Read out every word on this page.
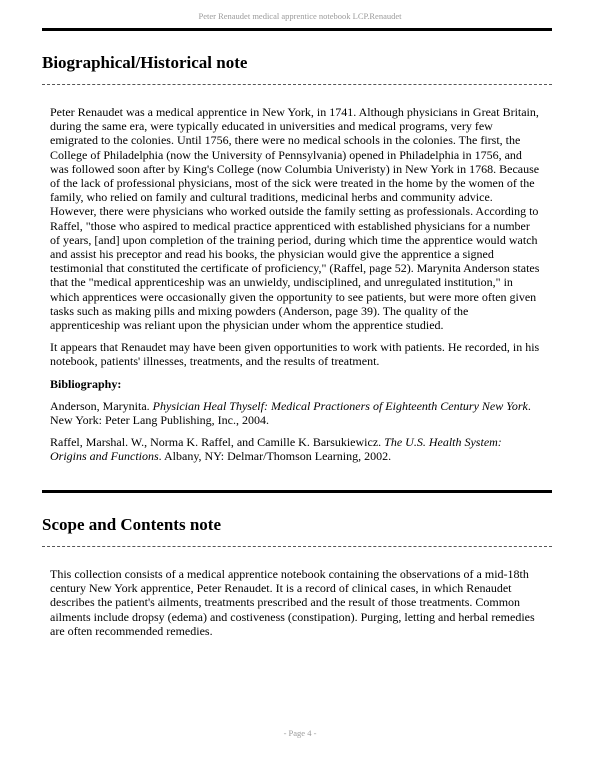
Peter Renaudet medical apprentice notebook LCP.Renaudet
Biographical/Historical note

Peter Renaudet was a medical apprentice in New York, in 1741. Although physicians in Great Britain, during the same era, were typically educated in universities and medical programs, very few emigrated to the colonies. Until 1756, there were no medical schools in the colonies. The first, the College of Philadelphia (now the University of Pennsylvania) opened in Philadelphia in 1756, and was followed soon after by King's College (now Columbia Univeristy) in New York in 1768. Because of the lack of professional physicians, most of the sick were treated in the home by the women of the family, who relied on family and cultural traditions, medicinal herbs and community advice. However, there were physicians who worked outside the family setting as professionals. According to Raffel, "those who aspired to medical practice apprenticed with established physicians for a number of years, [and] upon completion of the training period, during which time the apprentice would watch and assist his preceptor and read his books, the physician would give the apprentice a signed testimonial that constituted the certificate of proficiency," (Raffel, page 52). Marynita Anderson states that the "medical apprenticeship was an unwieldy, undisciplined, and unregulated institution," in which apprentices were occasionally given the opportunity to see patients, but were more often given tasks such as making pills and mixing powders (Anderson, page 39). The quality of the apprenticeship was reliant upon the physician under whom the apprentice studied.

It appears that Renaudet may have been given opportunities to work with patients. He recorded, in his notebook, patients' illnesses, treatments, and the results of treatment.

Bibliography:

Anderson, Marynita. Physician Heal Thyself: Medical Practioners of Eighteenth Century New York. New York: Peter Lang Publishing, Inc., 2004.

Raffel, Marshal. W., Norma K. Raffel, and Camille K. Barsukiewicz. The U.S. Health System: Origins and Functions. Albany, NY: Delmar/Thomson Learning, 2002.

Scope and Contents note

This collection consists of a medical apprentice notebook containing the observations of a mid-18th century New York apprentice, Peter Renaudet. It is a record of clinical cases, in which Renaudet describes the patient's ailments, treatments prescribed and the result of those treatments. Common ailments include dropsy (edema) and costiveness (constipation). Purging, letting and herbal remedies are often recommended remedies.

- Page 4 -
